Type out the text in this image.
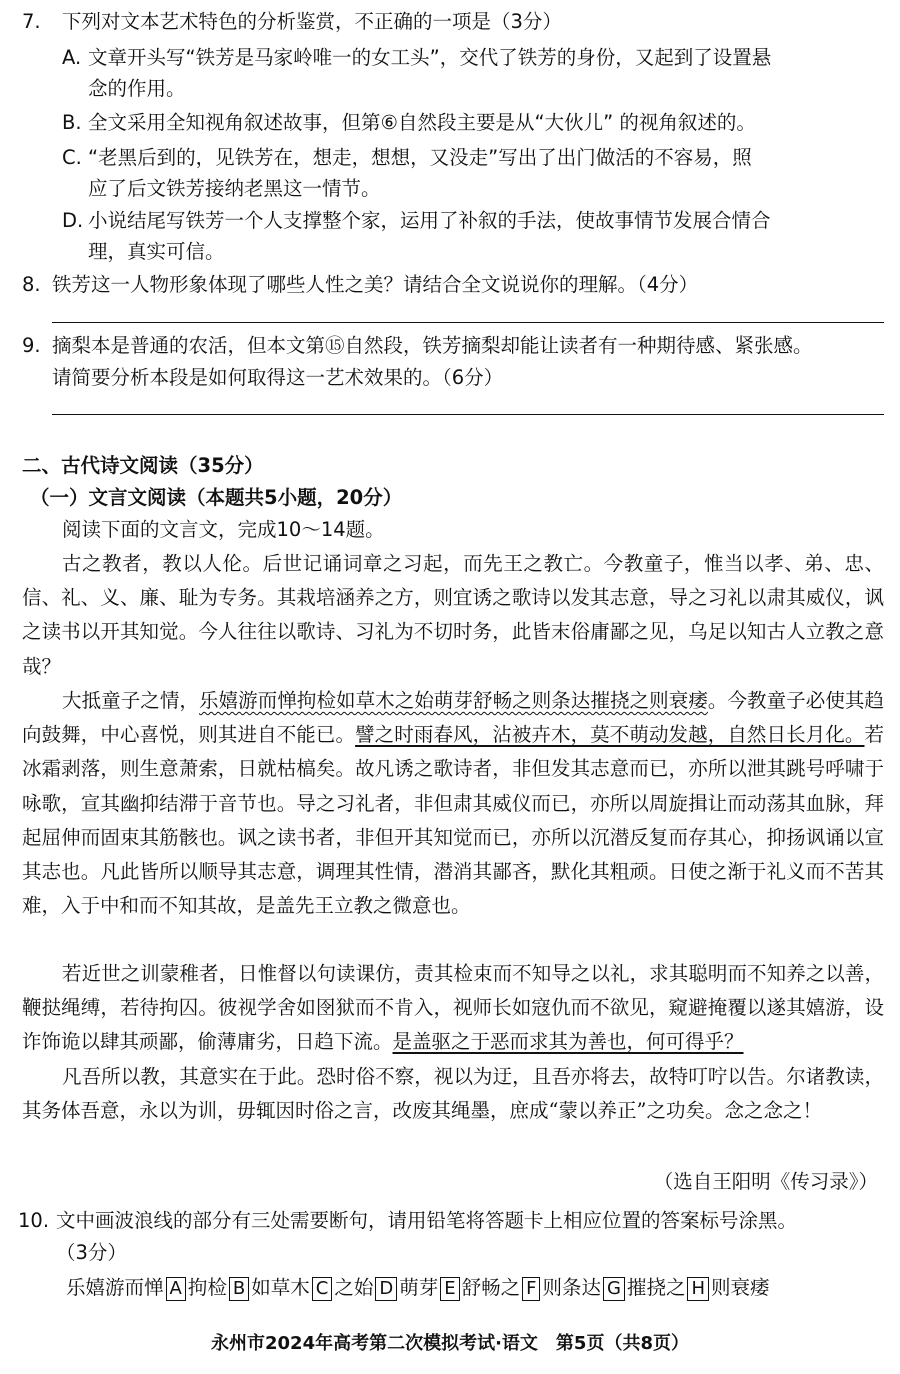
7. 下列对文本艺术特色的分析鉴赏，不正确的一项是（3分）
A. 文章开头写“铁芳是马家岭唯一的女工头”，交代了铁芳的身份，又起到了设置悬
念的作用。
B. 全文采用全知视角叙述故事，但第⑥自然段主要是从“大伙儿” 的视角叙述的。
C. “老黑后到的，见铁芳在，想走，想想，又没走”写出了出门做活的不容易，照
应了后文铁芳接纳老黑这一情节。
D. 小说结尾写铁芳一个人支撑整个家，运用了补叙的手法，使故事情节发展合情合
理，真实可信。
8. 铁芳这一人物形象体现了哪些人性之美？请结合全文说说你的理解。（4分）
9. 摘梨本是普通的农活，但本文第⑮自然段，铁芳摘梨却能让读者有一种期待感、紧张感。
请简要分析本段是如何取得这一艺术效果的。（6分）
二、古代诗文阅读（35分）
（一）文言文阅读（本题共5小题，20分）
阅读下面的文言文，完成10～14题。
古之教者，教以人伦。后世记诵词章之习起，而先王之教亡。今教童子，惟当以孝、弟、忠、信、礼、义、廉、耻为专务。其栽培涵养之方，则宜诱之歌诗以发其志意，导之习礼以肃其威仪，讽之读书以开其知觉。今人往往以歌诗、习礼为不切时务，此皆末俗庸鄙之见，乌足以知古人立教之意哉？
大抵童子之情，乐嬉游而惮拘检如草木之始萌芽舒畅之则条达摧挠之则衰痿。今教童子必使其趋向鼓舞，中心喜悦，则其进自不能已。譬之时雨春风，沾被卉木，莫不萌动发越，自然日长月化。若冰霜剥落，则生意萧索，日就枯槁矣。故凡诱之歌诗者，非但发其志意而已，亦所以泄其跳号呼啸于咏歌，宣其幽抑结滞于音节也。导之习礼者，非但肃其威仪而已，亦所以周旋揖让而动荡其血脉，拜起屈伸而固束其筋骸也。讽之读书者，非但开其知觉而已，亦所以沉潜反复而存其心，抑扬讽诵以宣其志也。凡此皆所以顺导其志意，调理其性情，潜消其鄙吝，默化其粗顽。日使之渐于礼义而不苦其难，入于中和而不知其故，是盖先王立教之微意也。
若近世之训蒙稚者，日惟督以句读课仿，责其检束而不知导之以礼，求其聪明而不知养之以善，鞭挞绳缚，若待拘囚。彼视学舍如囹狱而不肯入，视师长如寇仇而不欲见，窥避掩覆以遂其嬉游，设诈饰诡以肆其顽鄙，偷薄庸劣，日趋下流。是盖驱之于恶而求其为善也，何可得乎？
凡吾所以教，其意实在于此。恐时俗不察，视以为迂，且吾亦将去，故特叮咛以告。尔诸教读，其务体吾意，永以为训，毋辄因时俗之言，改废其绳墨，庶成“蒙以养正”之功矣。念之念之！
（选自王阳明《传习录》）
10. 文中画波浪线的部分有三处需要断句，请用铅笔将答题卡上相应位置的答案标号涂黑。
（3分）
乐嬉游而惮 A 拘检 B 如草木 C 之始 D 萌芽 E 舒畅之 F 则条达 G 摧挠之 H 则衰痿
永州市2024年高考第二次模拟考试·语文　第5页（共8页）
